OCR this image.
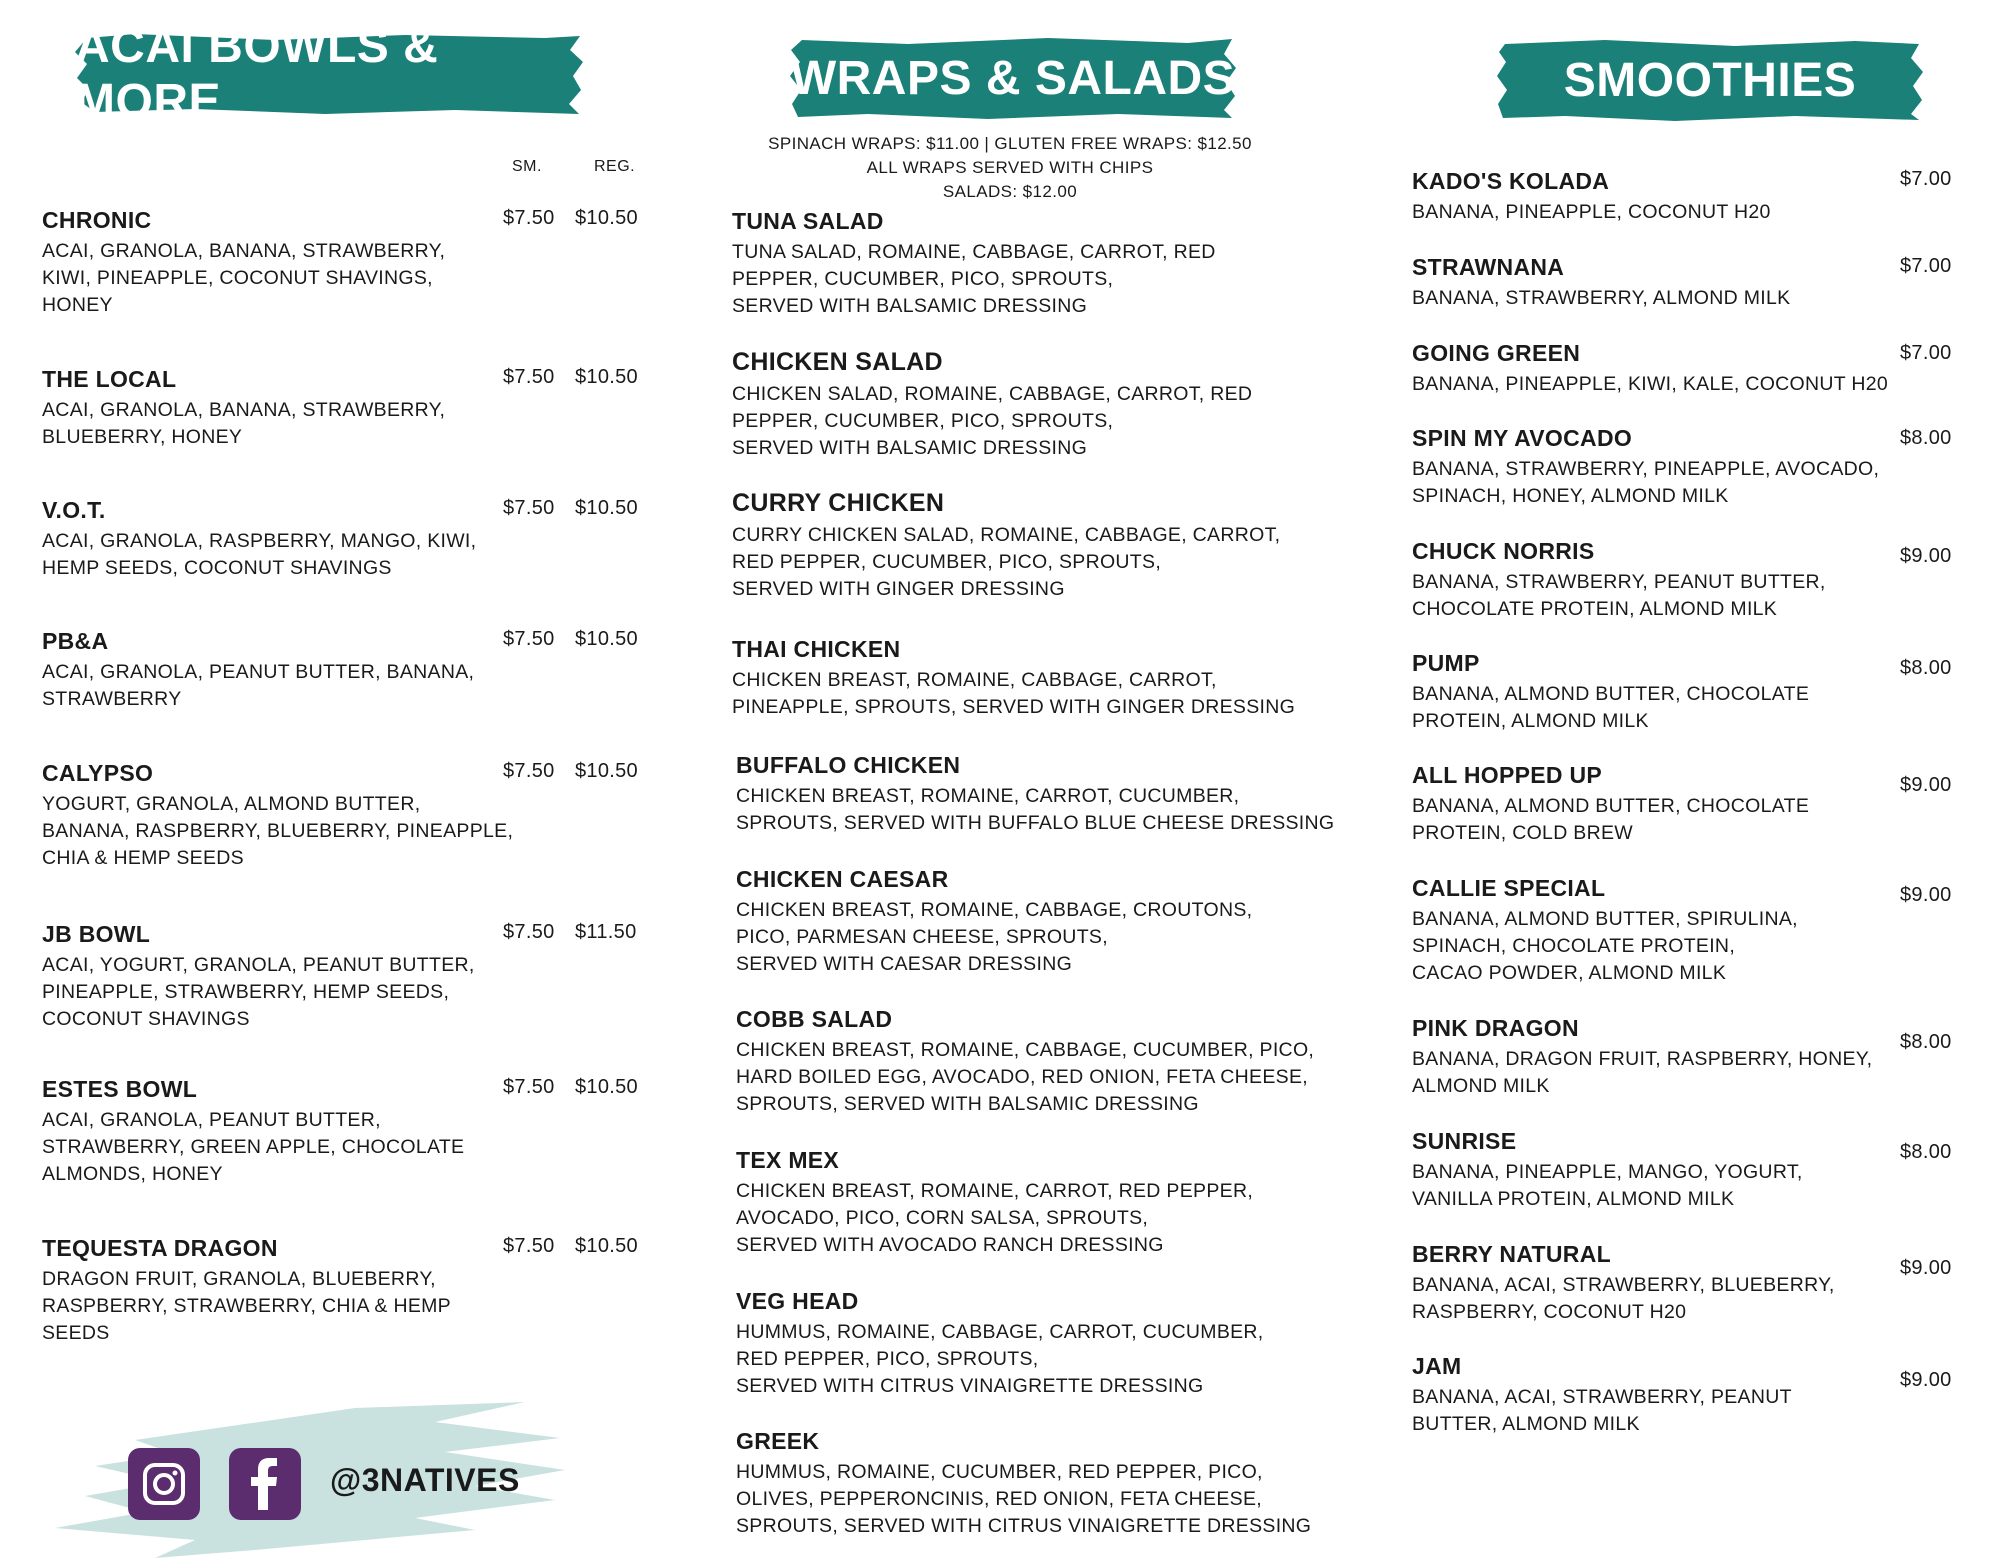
ACAI BOWLS & MORE	WRAPS & SALADS	SMOOTHIES
SM.	REG.
CHRONIC
ACAI, GRANOLA, BANANA, STRAWBERRY,
KIWI, PINEAPPLE, COCONUT SHAVINGS,
HONEY
$7.50 $10.50
THE LOCAL
ACAI, GRANOLA, BANANA, STRAWBERRY,
BLUEBERRY, HONEY
$7.50 $10.50
V.O.T.
ACAI, GRANOLA, RASPBERRY, MANGO, KIWI,
HEMP SEEDS, COCONUT SHAVINGS
$7.50 $10.50
PB&A
ACAI, GRANOLA, PEANUT BUTTER, BANANA,
STRAWBERRY
$7.50 $10.50
CALYPSO
YOGURT, GRANOLA, ALMOND BUTTER,
BANANA, RASPBERRY, BLUEBERRY, PINEAPPLE,
CHIA & HEMP SEEDS
$7.50 $10.50
JB BOWL
ACAI, YOGURT, GRANOLA, PEANUT BUTTER,
PINEAPPLE, STRAWBERRY, HEMP SEEDS,
COCONUT SHAVINGS
$7.50 $11.50
ESTES BOWL
ACAI, GRANOLA, PEANUT BUTTER,
STRAWBERRY, GREEN APPLE, CHOCOLATE
ALMONDS, HONEY
$7.50 $10.50
TEQUESTA DRAGON
DRAGON FRUIT, GRANOLA, BLUEBERRY,
RASPBERRY, STRAWBERRY, CHIA & HEMP
SEEDS
$7.50 $10.50
SPINACH WRAPS: $11.00 | GLUTEN FREE WRAPS: $12.50
ALL WRAPS SERVED WITH CHIPS
SALADS: $12.00
TUNA SALAD
TUNA SALAD, ROMAINE, CABBAGE, CARROT, RED
PEPPER, CUCUMBER, PICO, SPROUTS,
SERVED WITH BALSAMIC DRESSING
CHICKEN SALAD
CHICKEN SALAD, ROMAINE, CABBAGE, CARROT, RED
PEPPER, CUCUMBER, PICO, SPROUTS,
SERVED WITH BALSAMIC DRESSING
CURRY CHICKEN
CURRY CHICKEN SALAD, ROMAINE, CABBAGE, CARROT,
RED PEPPER, CUCUMBER, PICO, SPROUTS,
SERVED WITH GINGER DRESSING
THAI CHICKEN
CHICKEN BREAST, ROMAINE, CABBAGE, CARROT,
PINEAPPLE, SPROUTS, SERVED WITH GINGER DRESSING
BUFFALO CHICKEN
CHICKEN BREAST, ROMAINE, CARROT, CUCUMBER,
SPROUTS, SERVED WITH BUFFALO BLUE CHEESE DRESSING
CHICKEN CAESAR
CHICKEN BREAST, ROMAINE, CABBAGE, CROUTONS,
PICO, PARMESAN CHEESE, SPROUTS,
SERVED WITH CAESAR DRESSING
COBB SALAD
CHICKEN BREAST, ROMAINE, CABBAGE, CUCUMBER, PICO,
HARD BOILED EGG, AVOCADO, RED ONION, FETA CHEESE,
SPROUTS, SERVED WITH BALSAMIC DRESSING
TEX MEX
CHICKEN BREAST, ROMAINE, CARROT, RED PEPPER,
AVOCADO, PICO, CORN SALSA, SPROUTS,
SERVED WITH AVOCADO RANCH DRESSING
VEG HEAD
HUMMUS, ROMAINE, CABBAGE, CARROT, CUCUMBER,
RED PEPPER, PICO, SPROUTS,
SERVED WITH CITRUS VINAIGRETTE DRESSING
GREEK
HUMMUS, ROMAINE, CUCUMBER, RED PEPPER, PICO,
OLIVES, PEPPERONCINIS, RED ONION, FETA CHEESE,
SPROUTS, SERVED WITH CITRUS VINAIGRETTE DRESSING
KADO'S KOLADA
BANANA, PINEAPPLE, COCONUT H20
$7.00
STRAWNANA
BANANA, STRAWBERRY, ALMOND MILK
$7.00
GOING GREEN
BANANA, PINEAPPLE, KIWI, KALE, COCONUT H20
$7.00
SPIN MY AVOCADO
BANANA, STRAWBERRY, PINEAPPLE, AVOCADO,
SPINACH, HONEY, ALMOND MILK
$8.00
CHUCK NORRIS
BANANA, STRAWBERRY, PEANUT BUTTER,
CHOCOLATE PROTEIN, ALMOND MILK
$9.00
PUMP
BANANA, ALMOND BUTTER, CHOCOLATE
PROTEIN, ALMOND MILK
$8.00
ALL HOPPED UP
BANANA, ALMOND BUTTER, CHOCOLATE
PROTEIN, COLD BREW
$9.00
CALLIE SPECIAL
BANANA, ALMOND BUTTER, SPIRULINA,
SPINACH, CHOCOLATE PROTEIN,
CACAO POWDER, ALMOND MILK
$9.00
PINK DRAGON
BANANA, DRAGON FRUIT, RASPBERRY, HONEY,
ALMOND MILK
$8.00
SUNRISE
BANANA, PINEAPPLE, MANGO, YOGURT,
VANILLA PROTEIN, ALMOND MILK
$8.00
BERRY NATURAL
BANANA, ACAI, STRAWBERRY, BLUEBERRY,
RASPBERRY, COCONUT H20
$9.00
JAM
BANANA, ACAI, STRAWBERRY, PEANUT
BUTTER, ALMOND MILK
$9.00
@3NATIVES
